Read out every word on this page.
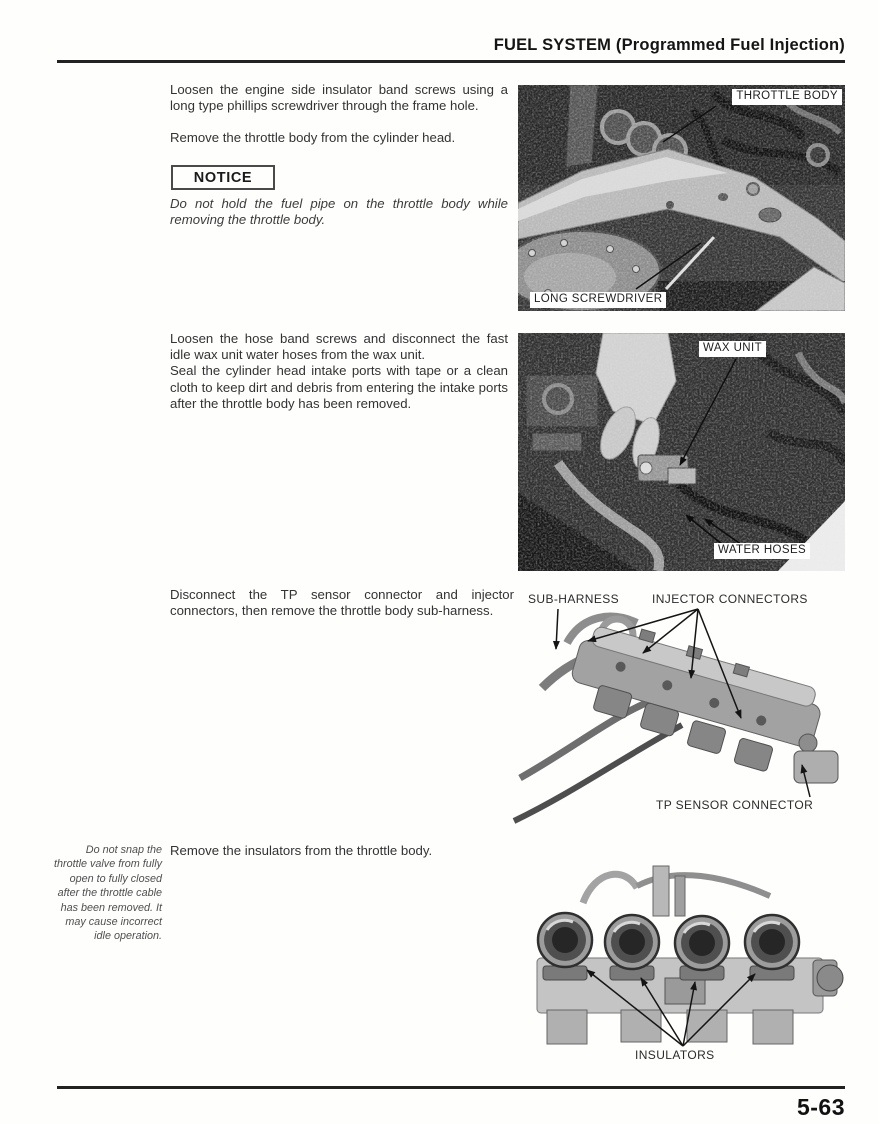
FUEL SYSTEM (Programmed Fuel Injection)
Loosen the engine side insulator band screws using a long type phillips screwdriver through the frame hole.
Remove the throttle body from the cylinder head.
NOTICE
Do not hold the fuel pipe on the throttle body while removing the throttle body.
THROTTLE BODY
LONG SCREWDRIVER
Loosen the hose band screws and disconnect the fast idle wax unit water hoses from the wax unit.
Seal the cylinder head intake ports with tape or a clean cloth to keep dirt and debris from entering the intake ports after the throttle body has been removed.
WAX UNIT
WATER HOSES
Disconnect the TP sensor connector and injector connectors, then remove the throttle body sub-harness.
SUB-HARNESS	INJECTOR CONNECTORS
TP SENSOR CONNECTOR
Do not snap the throttle valve from fully open to fully closed after the throttle cable has been removed. It may cause incorrect idle operation.
Remove the insulators from the throttle body.
INSULATORS
5-63
